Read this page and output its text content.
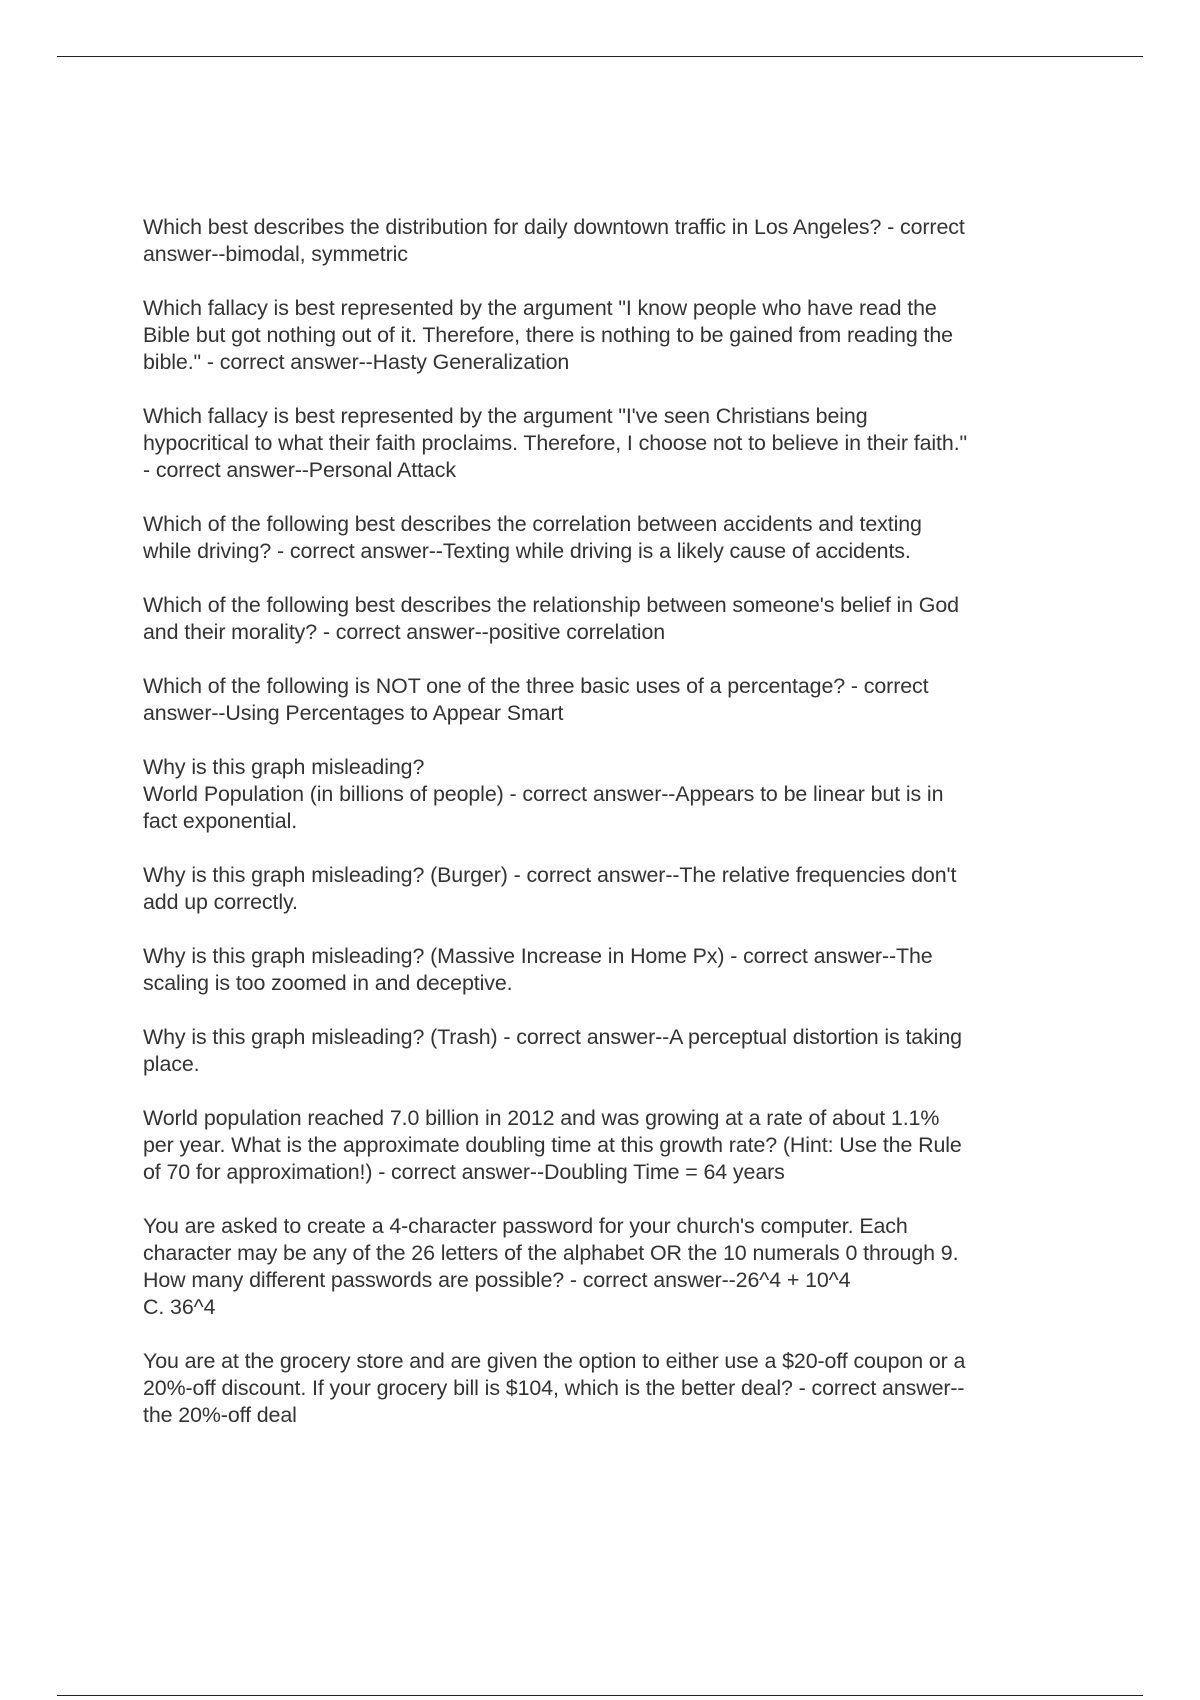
Which best describes the distribution for daily downtown traffic in Los Angeles? - correct
answer--bimodal, symmetric

Which fallacy is best represented by the argument "I know people who have read the
Bible but got nothing out of it. Therefore, there is nothing to be gained from reading the
bible." - correct answer--Hasty Generalization

Which fallacy is best represented by the argument "I've seen Christians being
hypocritical to what their faith proclaims. Therefore, I choose not to believe in their faith."
- correct answer--Personal Attack

Which of the following best describes the correlation between accidents and texting
while driving? - correct answer--Texting while driving is a likely cause of accidents.

Which of the following best describes the relationship between someone's belief in God
and their morality? - correct answer--positive correlation

Which of the following is NOT one of the three basic uses of a percentage? - correct
answer--Using Percentages to Appear Smart

Why is this graph misleading?
World Population (in billions of people) - correct answer--Appears to be linear but is in
fact exponential.

Why is this graph misleading? (Burger) - correct answer--The relative frequencies don't
add up correctly.

Why is this graph misleading? (Massive Increase in Home Px) - correct answer--The
scaling is too zoomed in and deceptive.

Why is this graph misleading? (Trash) - correct answer--A perceptual distortion is taking
place.

World population reached 7.0 billion in 2012 and was growing at a rate of about 1.1%
per year. What is the approximate doubling time at this growth rate? (Hint: Use the Rule
of 70 for approximation!) - correct answer--Doubling Time = 64 years

You are asked to create a 4-character password for your church's computer. Each
character may be any of the 26 letters of the alphabet OR the 10 numerals 0 through 9.
How many different passwords are possible? - correct answer--26^4 + 10^4
C. 36^4

You are at the grocery store and are given the option to either use a $20-off coupon or a
20%-off discount. If your grocery bill is $104, which is the better deal? - correct answer--
the 20%-off deal
